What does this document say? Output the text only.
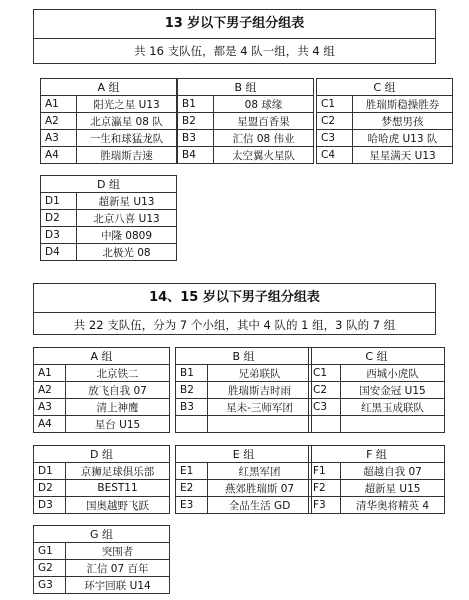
13 岁以下男子组分组表
共 16 支队伍，都是 4 队一组，共 4 组
A 组	
A1	阳光之星 U13
A2	北京瀛星 08 队
A3	一生和球猛龙队
A4	胜瑞斯吉速
B 组	
B1	08 球缘
B2	星盟百香果
B3	汇信 08 伟业
B4	太空翼火星队
C 组	
C1	胜瑞斯稳操胜券
C2	梦想男孩
C3	哈哈虎 U13 队
C4	星星满天 U13
D 组	
D1	超新星 U13
D2	北京八喜 U13
D3	中隆 0809
D4	北极光 08
14、15 岁以下男子组分组表
共 22 支队伍，分为 7 个小组，其中 4 队的 1 组，3 队的 7 组
A 组	
A1	北京铁二
A2	放飞自我 07
A3	清上神鹰
A4	星台 U15
B 组	
B1	兄弟联队
B2	胜瑞斯吉时雨
B3	星未-三师军团

C 组	
C1	西城小虎队
C2	国安金冠 U15
C3	红黑玉成联队

D 组	
D1	京狮足球俱乐部
D2	BEST11
D3	国奥越野飞跃
E 组	
E1	红黑军团
E2	燕郊胜瑞斯 07
E3	全品生活 GD
F 组	
F1	超越自我 07
F2	超新星 U15
F3	清华奥将精英 4
G 组	
G1	突围者
G2	汇信 07 百年
G3	环宇回联 U14
